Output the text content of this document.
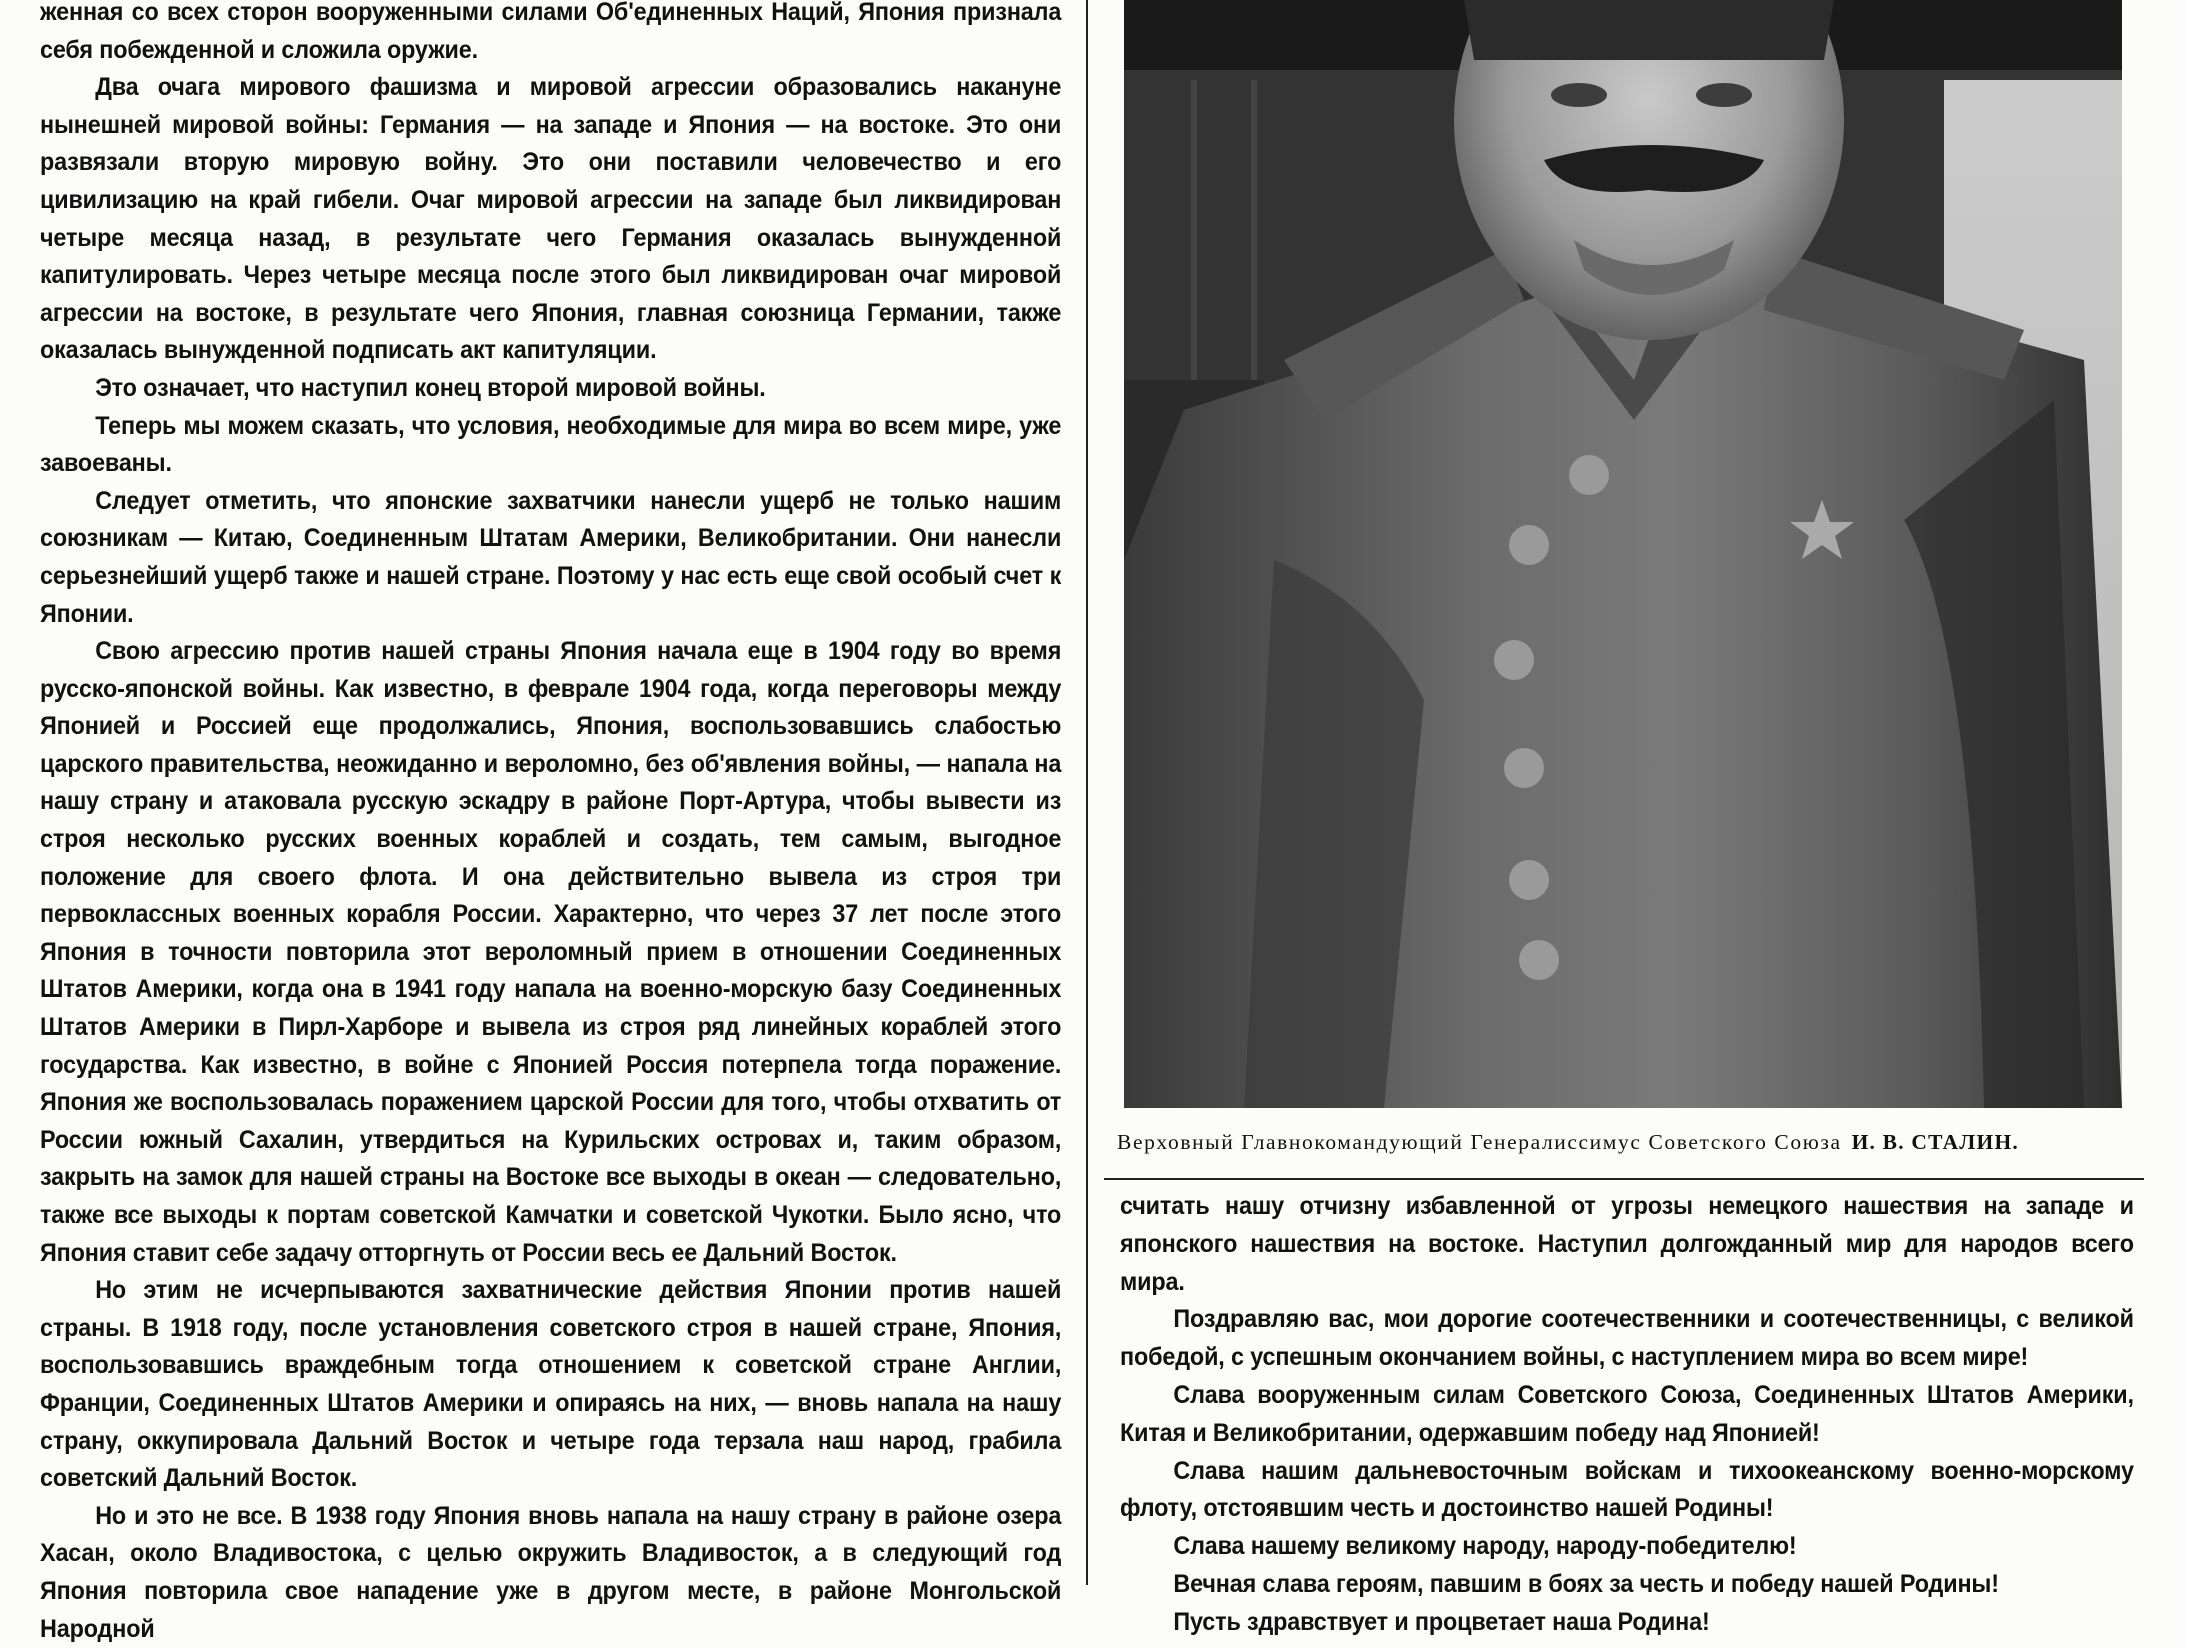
женная со всех сторон вооруженными силами Об'единенных Наций, Япония признала себя побежденной и сложила оружие.

Два очага мирового фашизма и мировой агрессии образовались накануне нынешней мировой войны: Германия — на западе и Япония — на востоке. Это они развязали вторую мировую войну. Это они поставили человечество и его цивилизацию на край гибели. Очаг мировой агрессии на западе был ликвидирован четыре месяца назад, в результате чего Германия оказалась вынужденной капитулировать. Через четыре месяца после этого был ликвидирован очаг мировой агрессии на востоке, в результате чего Япония, главная союзница Германии, также оказалась вынужденной подписать акт капитуляции.

Это означает, что наступил конец второй мировой войны.

Теперь мы можем сказать, что условия, необходимые для мира во всем мире, уже завоеваны.

Следует отметить, что японские захватчики нанесли ущерб не только нашим союзникам — Китаю, Соединенным Штатам Америки, Великобритании. Они нанесли серьезнейший ущерб также и нашей стране. Поэтому у нас есть еще свой особый счет к Японии.

Свою агрессию против нашей страны Япония начала еще в 1904 году во время русско-японской войны. Как известно, в феврале 1904 года, когда переговоры между Японией и Россией еще продолжались, Япония, воспользовавшись слабостью царского правительства, неожиданно и вероломно, без об'явления войны, — напала на нашу страну и атаковала русскую эскадру в районе Порт-Артура, чтобы вывести из строя несколько русских военных кораблей и создать, тем самым, выгодное положение для своего флота. И она действительно вывела из строя три первоклассных военных корабля России. Характерно, что через 37 лет после этого Япония в точности повторила этот вероломный прием в отношении Соединенных Штатов Америки, когда она в 1941 году напала на военно-морскую базу Соединенных Штатов Америки в Пирл-Харборе и вывела из строя ряд линейных кораблей этого государства. Как известно, в войне с Японией Россия потерпела тогда поражение. Япония же воспользовалась поражением царской России для того, чтобы отхватить от России южный Сахалин, утвердиться на Курильских островах и, таким образом, закрыть на замок для нашей страны на Востоке все выходы в океан — следовательно, также все выходы к портам советской Камчатки и советской Чукотки. Было ясно, что Япония ставит себе задачу отторгнуть от России весь ее Дальний Восток.

Но этим не исчерпываются захватнические действия Японии против нашей страны. В 1918 году, после установления советского строя в нашей стране, Япония, воспользовавшись враждебным тогда отношением к советской стране Англии, Франции, Соединенных Штатов Америки и опираясь на них, — вновь напала на нашу страну, оккупировала Дальний Восток и четыре года терзала наш народ, грабила советский Дальний Восток.

Но и это не все. В 1938 году Япония вновь напала на нашу страну в районе озера Хасан, около Владивостока, с целью окружить Владивосток, а в следующий год Япония повторила свое нападение уже в другом месте, в районе Монгольской Народной

Верховный Главнокомандующий Генералиссимус Советского Союза И. В. СТАЛИН.

считать нашу отчизну избавленной от угрозы немецкого нашествия на западе и японского нашествия на востоке. Наступил долгожданный мир для народов всего мира.

Поздравляю вас, мои дорогие соотечественники и соотечественницы, с великой победой, с успешным окончанием войны, с наступлением мира во всем мире!

Слава вооруженным силам Советского Союза, Соединенных Штатов Америки, Китая и Великобритании, одержавшим победу над Японией!

Слава нашим дальневосточным войскам и тихоокеанскому военно-морскому флоту, отстоявшим честь и достоинство нашей Родины!

Слава нашему великому народу, народу-победителю!

Вечная слава героям, павшим в боях за честь и победу нашей Родины!

Пусть здравствует и процветает наша Родина!
